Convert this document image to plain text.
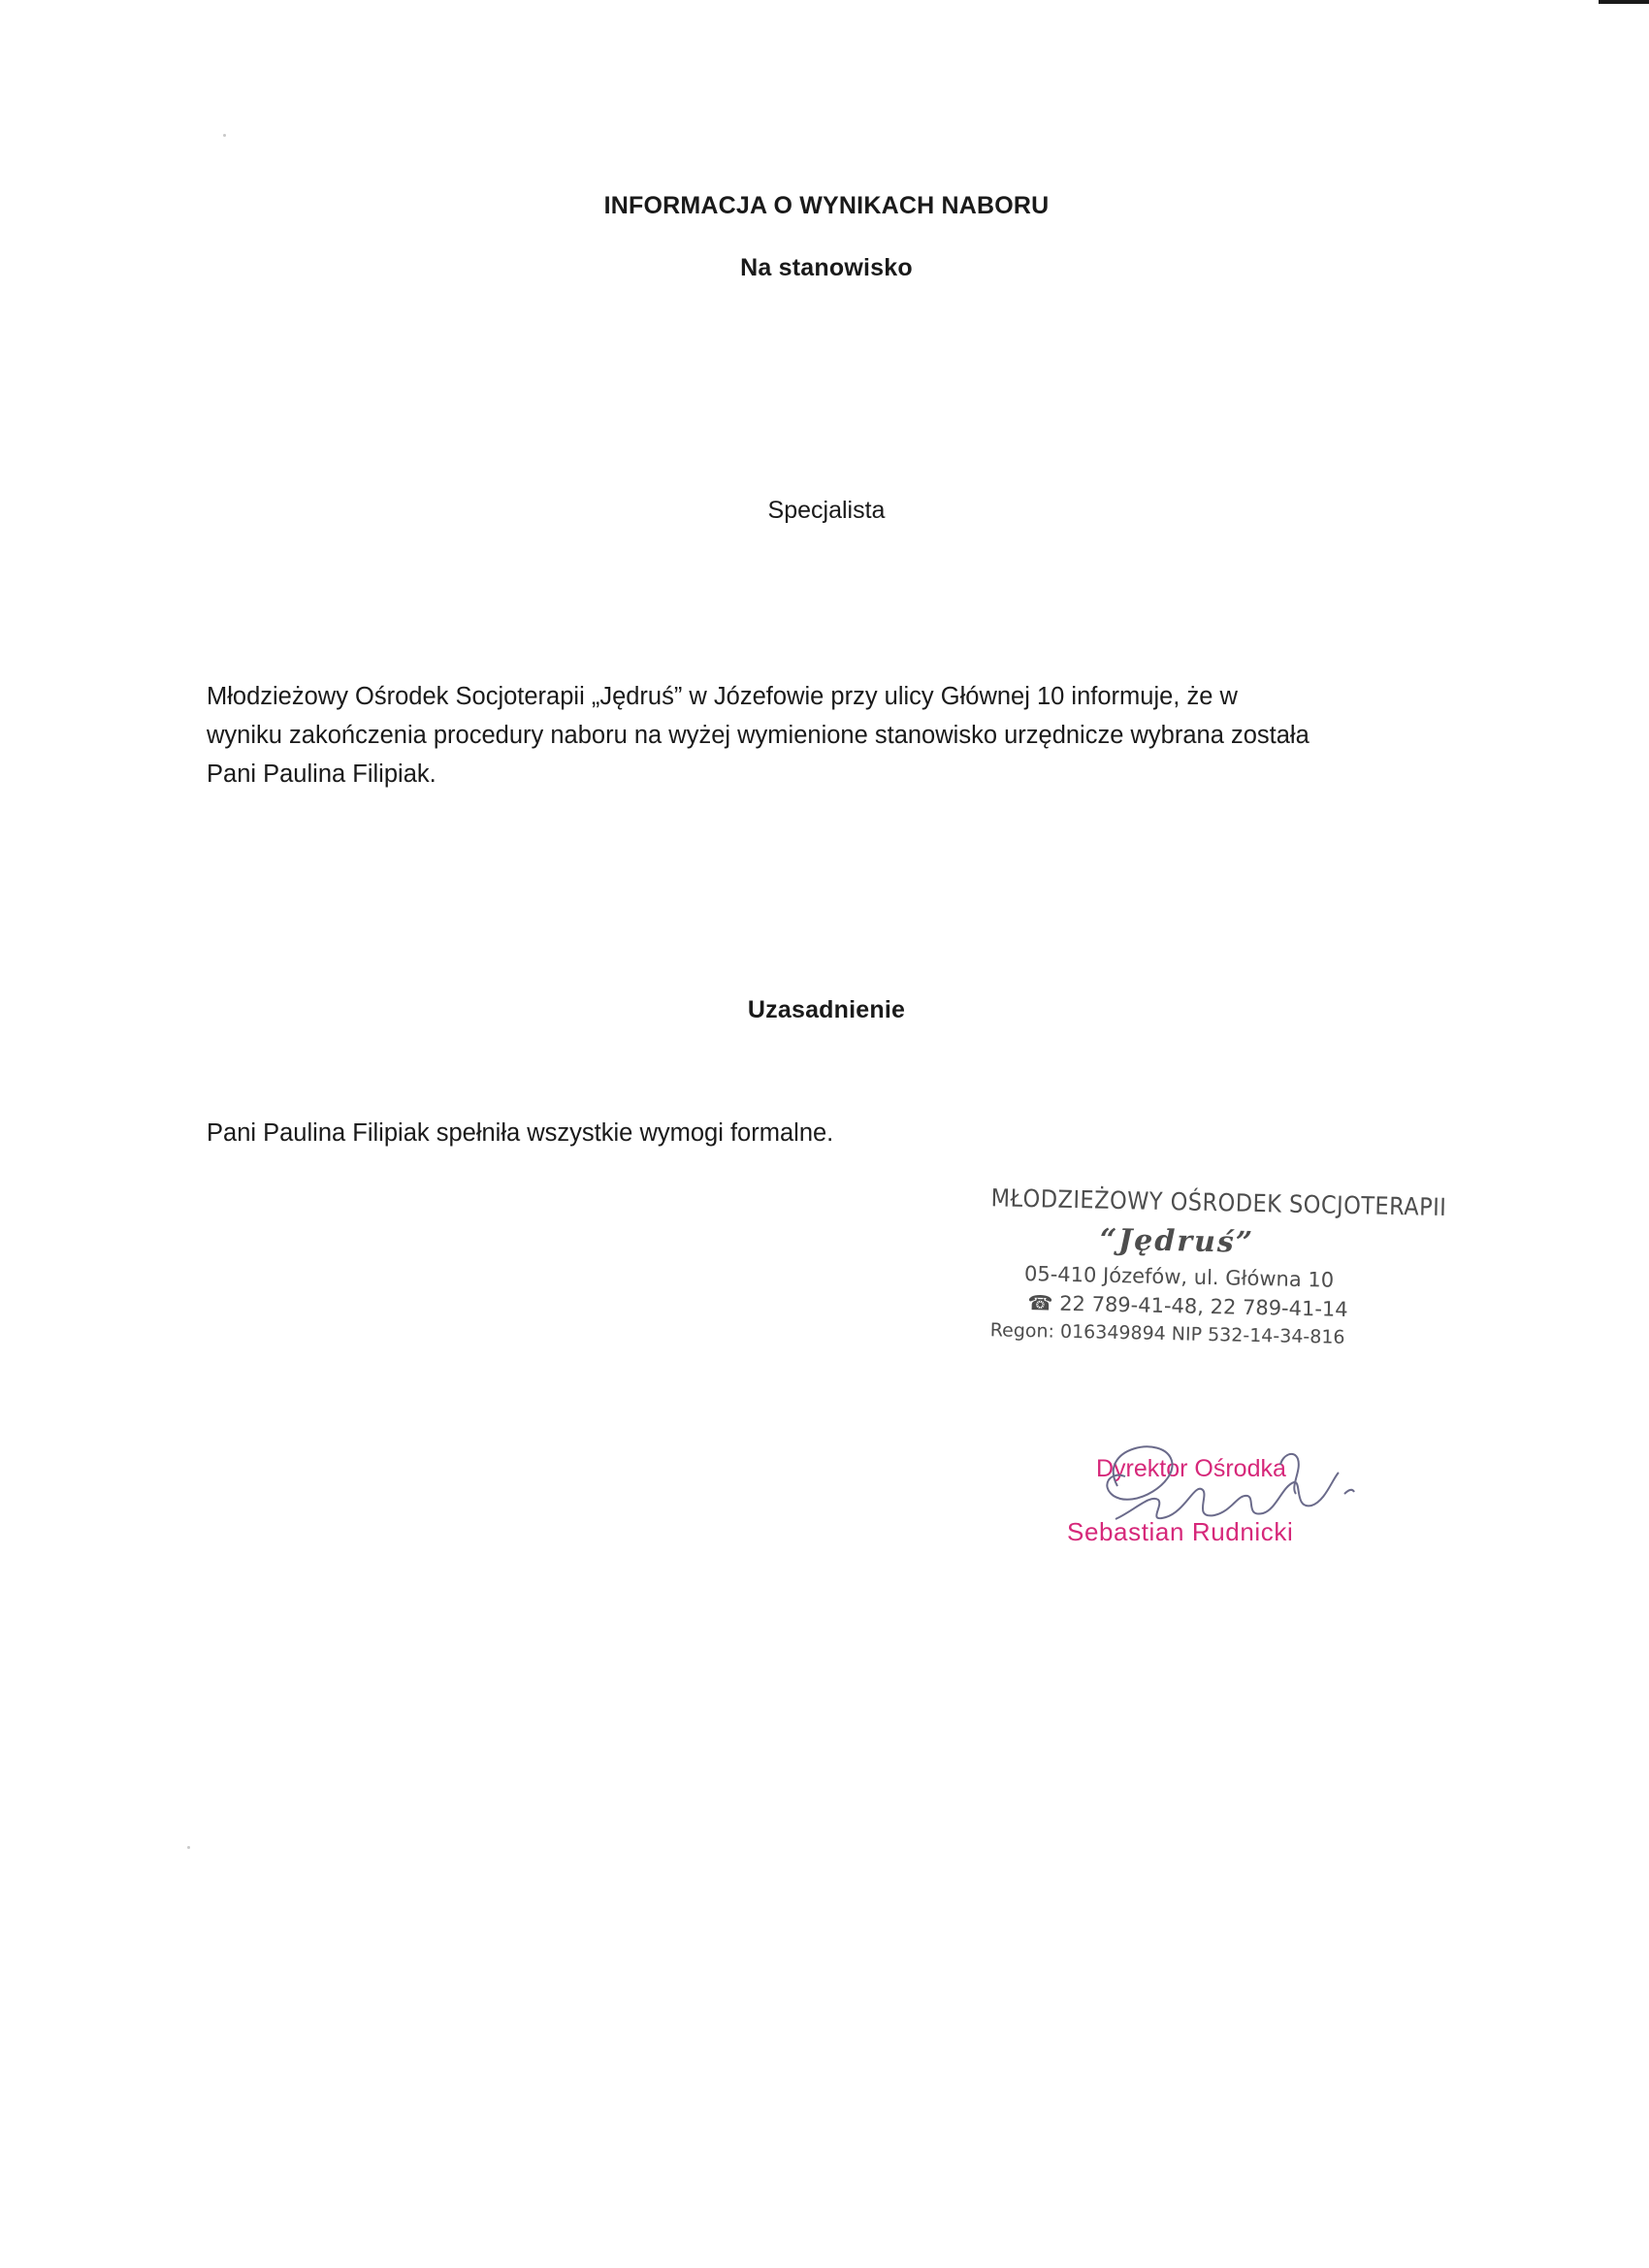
INFORMACJA O WYNIKACH NABORU
Na stanowisko
Specjalista
Młodzieżowy Ośrodek Socjoterapii „Jędruś” w Józefowie przy ulicy Głównej 10 informuje, że w
wyniku zakończenia procedury naboru na wyżej wymienione stanowisko urzędnicze wybrana została
Pani Paulina Filipiak.
Uzasadnienie
Pani Paulina Filipiak spełniła wszystkie wymogi formalne.
MŁODZIEŻOWY OŚRODEK SOCJOTERAPII
“Jędruś”
05-410 Józefów, ul. Główna 10
☎ 22 789-41-48, 22 789-41-14
Regon: 016349894 NIP 532-14-34-816
Dyrektor Ośrodka
Sebastian Rudnicki
